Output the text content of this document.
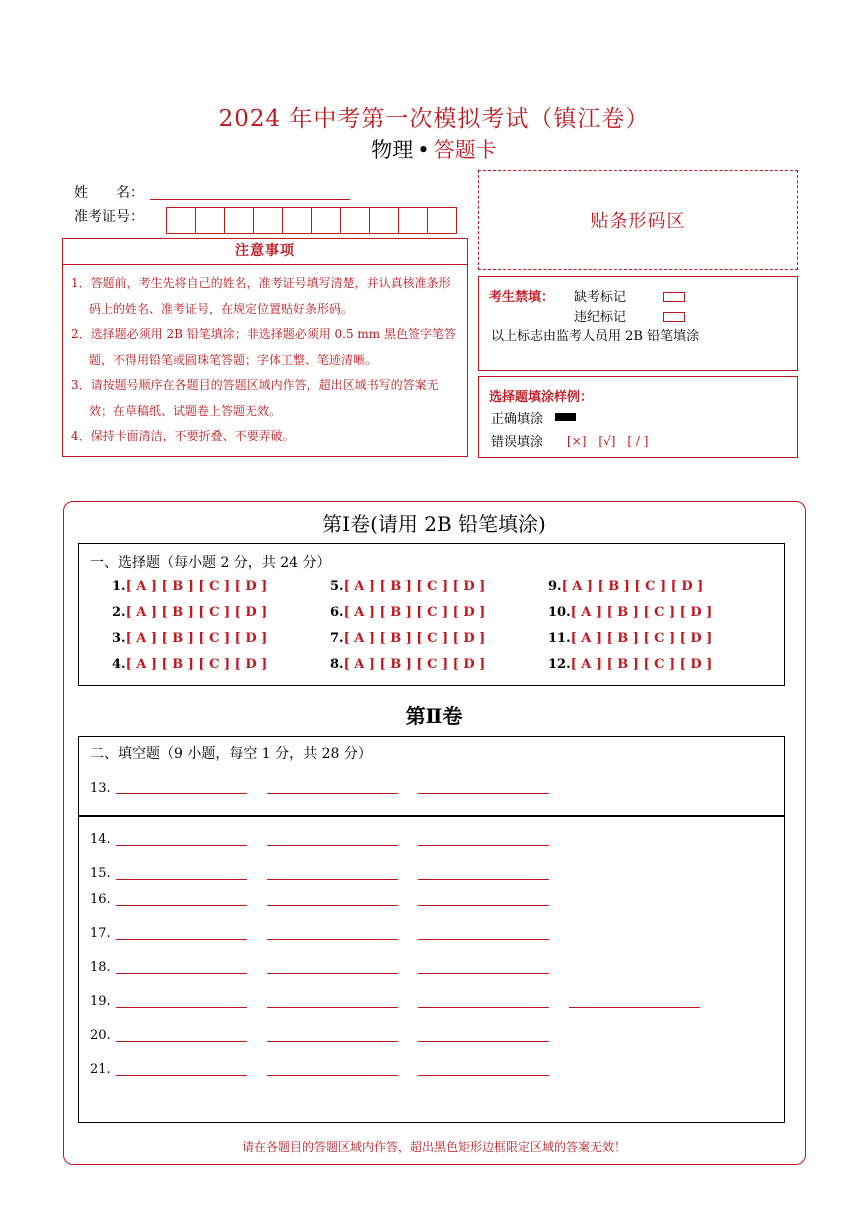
2024 年中考第一次模拟考试（镇江卷）
物理 • 答题卡
姓　　名：
准考证号：	贴条形码区
注意事项
1．答题前，考生先将自己的姓名，准考证号填写清楚，并认真核准条形码上的姓名、准考证号，在规定位置贴好条形码。
2．选择题必须用 2B 铅笔填涂；非选择题必须用 0.5 mm 黑色签字笔答题，不得用铅笔或圆珠笔答题；字体工整、笔迹清晰。
3．请按题号顺序在各题目的答题区域内作答，超出区域书写的答案无效；在草稿纸、试题卷上答题无效。
4．保持卡面清洁，不要折叠、不要弄破。
考生禁填： 缺考标记
违纪标记
以上标志由监考人员用 2B 铅笔填涂
选择题填涂样例：
正确填涂
错误填涂 [×]　[√]　[ / ]
第Ⅰ卷(请用 2B 铅笔填涂)
一、选择题（每小题 2 分，共 24 分）
1.[ A ] [ B ] [ C ] [ D ]
2.[ A ] [ B ] [ C ] [ D ]
3.[ A ] [ B ] [ C ] [ D ]
4.[ A ] [ B ] [ C ] [ D ]
5.[ A ] [ B ] [ C ] [ D ]
6.[ A ] [ B ] [ C ] [ D ]
7.[ A ] [ B ] [ C ] [ D ]
8.[ A ] [ B ] [ C ] [ D ]
9.[ A ] [ B ] [ C ] [ D ]
10.[ A ] [ B ] [ C ] [ D ]
11.[ A ] [ B ] [ C ] [ D ]
12.[ A ] [ B ] [ C ] [ D ]
第Ⅱ卷
二、填空题（9 小题，每空 1 分，共 28 分）
13.
14.
15.
16.
17.
18.
19.
20.
21.
请在各题目的答题区域内作答，超出黑色矩形边框限定区域的答案无效！
